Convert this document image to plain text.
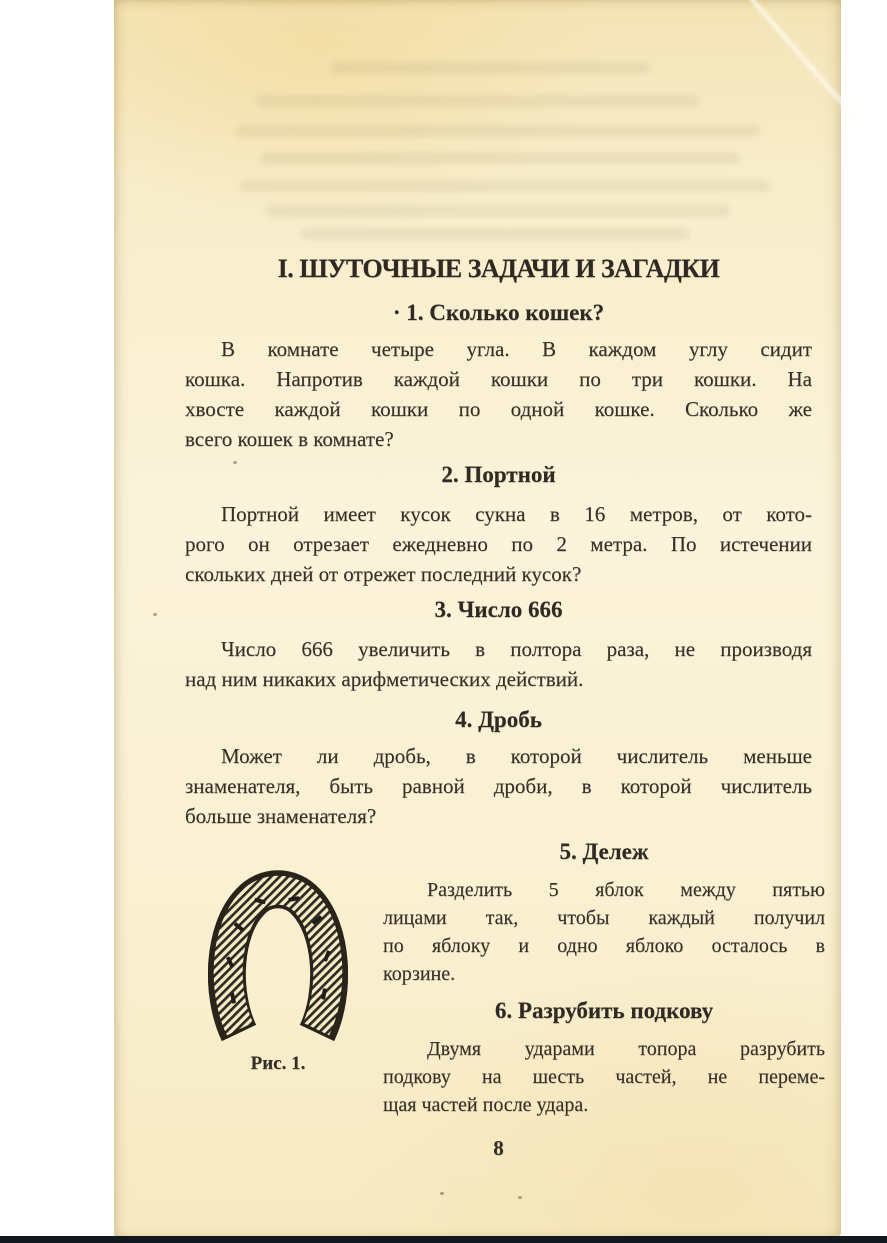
I. ШУТОЧНЫЕ ЗАДАЧИ И ЗАГАДКИ
· 1. Сколько кошек?
В комнате четыре угла. В каждом углу сидит
кошка. Напротив каждой кошки по три кошки. На
хвосте каждой кошки по одной кошке. Сколько же
всего кошек в комнате?
2. Портной
Портной имеет кусок сукна в 16 метров, от кото-
рого он отрезает ежедневно по 2 метра. По истечении
скольких дней от отрежет последний кусок?
3. Число 666
Число 666 увеличить в полтора раза, не производя
над ним никаких арифметических действий.
4. Дробь
Может ли дробь, в которой числитель меньше
знаменателя, быть равной дроби, в которой числитель
больше знаменателя?
5. Дележ
Разделить 5 яблок между пятью
лицами так, чтобы каждый получил
по яблоку и одно яблоко осталось в
корзине.
Рис. 1.
6. Разрубить подкову
Двумя ударами топора разрубить
подкову на шесть частей, не переме-
щая частей после удара.
8
